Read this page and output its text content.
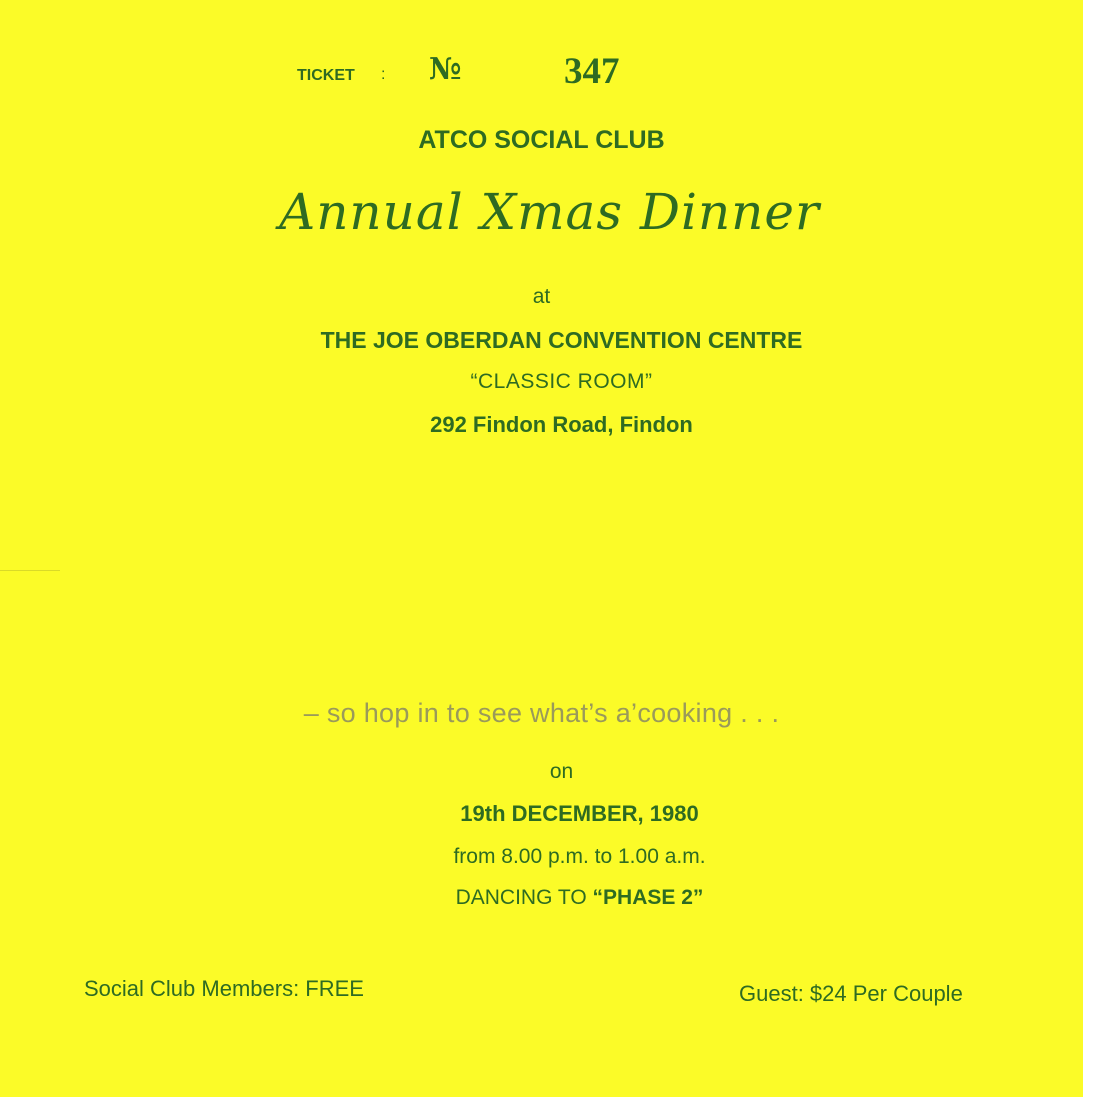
TICKET : №	347
ATCO SOCIAL CLUB
Annual Xmas Dinner
at
THE JOE OBERDAN CONVENTION CENTRE
“CLASSIC ROOM”
292 Findon Road, Findon
– so hop in to see what’s a’cooking . . .
on
19th DECEMBER, 1980
from 8.00 p.m. to 1.00 a.m.
DANCING TO “PHASE 2”
Social Club Members: FREE	Guest: $24 Per Couple
